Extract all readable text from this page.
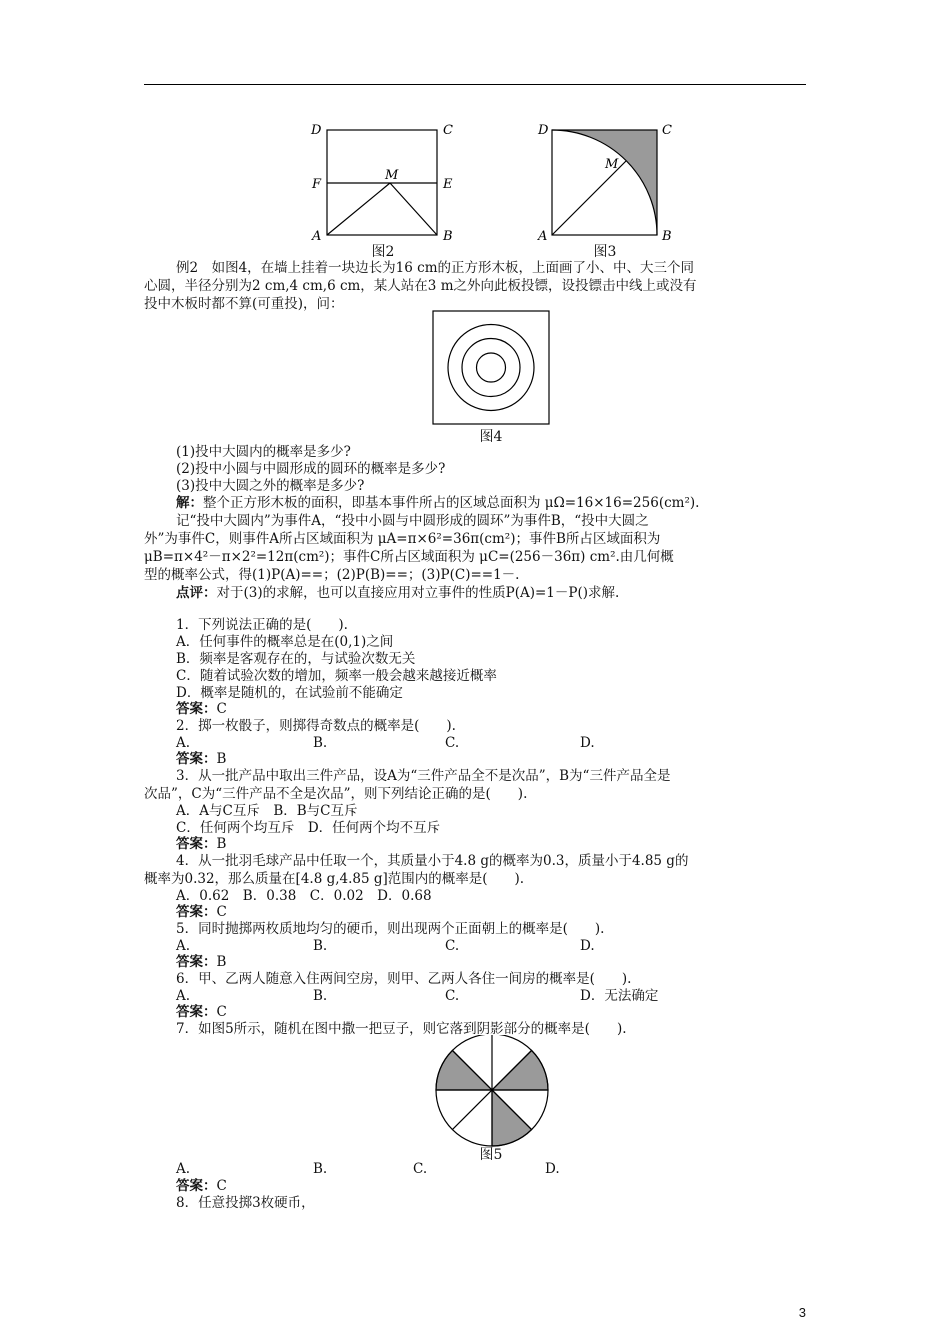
D	C
F
M
E
A	B
图2
D	C
M
A	B
图3
例2　如图4，在墙上挂着一块边长为16 cm的正方形木板，上面画了小、中、大三个同
心圆，半径分别为2 cm,4 cm,6 cm，某人站在3 m之外向此板投镖，设投镖击中线上或没有
投中木板时都不算(可重投)，问：
图4
(1)投中大圆内的概率是多少?
(2)投中小圆与中圆形成的圆环的概率是多少?
(3)投中大圆之外的概率是多少?
解：整个正方形木板的面积，即基本事件所占的区域总面积为 μΩ=16×16=256(cm²).
记“投中大圆内”为事件A，“投中小圆与中圆形成的圆环”为事件B，“投中大圆之
外”为事件C，则事件A所占区域面积为 μA=π×6²=36π(cm²)；事件B所占区域面积为
μB=π×4²－π×2²=12π(cm²)；事件C所占区域面积为 μC=(256－36π) cm².由几何概
型的概率公式，得(1)P(A)==；(2)P(B)==；(3)P(C)==1－.
点评：对于(3)的求解，也可以直接应用对立事件的性质P(A)=1－P()求解.
1．下列说法正确的是(　　).
A．任何事件的概率总是在(0,1)之间
B．频率是客观存在的，与试验次数无关
C．随着试验次数的增加，频率一般会越来越接近概率
D．概率是随机的，在试验前不能确定
答案：C
2．掷一枚骰子，则掷得奇数点的概率是(　　).
A.	B.	C.	D.
答案：B
3．从一批产品中取出三件产品，设A为“三件产品全不是次品”，B为“三件产品全是
次品”，C为“三件产品不全是次品”，则下列结论正确的是(　　).
A．A与C互斥　B．B与C互斥
C．任何两个均互斥　D．任何两个均不互斥
答案：B
4．从一批羽毛球产品中任取一个，其质量小于4.8 g的概率为0.3，质量小于4.85 g的
概率为0.32，那么质量在[4.8 g,4.85 g]范围内的概率是(　　).
A．0.62　B．0.38　C．0.02　D．0.68
答案：C
5．同时抛掷两枚质地均匀的硬币，则出现两个正面朝上的概率是(　　).
A.	B.	C.	D.
答案：B
6．甲、乙两人随意入住两间空房，则甲、乙两人各住一间房的概率是(　　).
A.	B.	C.	D．无法确定
答案：C
7．如图5所示，随机在图中撒一把豆子，则它落到阴影部分的概率是(　　).
图5
A.	B.	C.	D.
答案：C
8．任意投掷3枚硬币，
3
